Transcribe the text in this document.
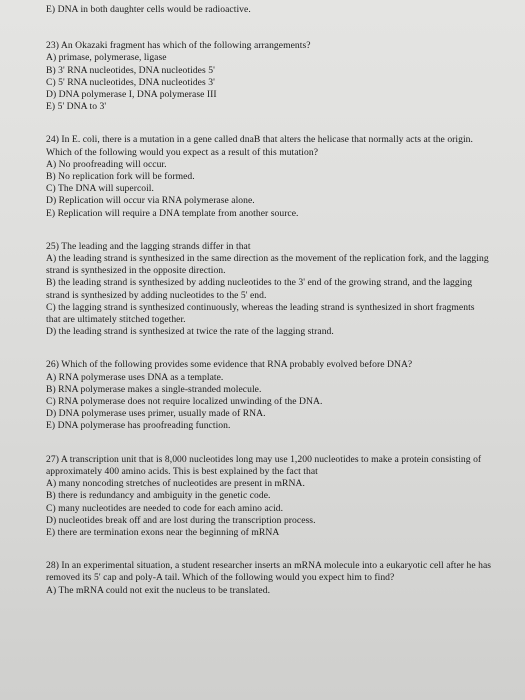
E) DNA in both daughter cells would be radioactive.

23) An Okazaki fragment has which of the following arrangements?

A) primase, polymerase, ligase
B) 3' RNA nucleotides, DNA nucleotides 5'
C) 5' RNA nucleotides, DNA nucleotides 3'
D) DNA polymerase I, DNA polymerase III
E) 5' DNA to 3'

24) In E. coli, there is a mutation in a gene called dnaB that alters the helicase that normally acts at the origin. Which of the following would you expect as a result of this mutation?

A) No proofreading will occur.
B) No replication fork will be formed.
C) The DNA will supercoil.
D) Replication will occur via RNA polymerase alone.
E) Replication will require a DNA template from another source.

25) The leading and the lagging strands differ in that

A) the leading strand is synthesized in the same direction as the movement of the replication fork, and the lagging strand is synthesized in the opposite direction.
B) the leading strand is synthesized by adding nucleotides to the 3' end of the growing strand, and the lagging strand is synthesized by adding nucleotides to the 5' end.
C) the lagging strand is synthesized continuously, whereas the leading strand is synthesized in short fragments that are ultimately stitched together.
D) the leading strand is synthesized at twice the rate of the lagging strand.

26) Which of the following provides some evidence that RNA probably evolved before DNA?

A) RNA polymerase uses DNA as a template.
B) RNA polymerase makes a single-stranded molecule.
C) RNA polymerase does not require localized unwinding of the DNA.
D) DNA polymerase uses primer, usually made of RNA.
E) DNA polymerase has proofreading function.

27) A transcription unit that is 8,000 nucleotides long may use 1,200 nucleotides to make a protein consisting of approximately 400 amino acids. This is best explained by the fact that

A) many noncoding stretches of nucleotides are present in mRNA.
B) there is redundancy and ambiguity in the genetic code.
C) many nucleotides are needed to code for each amino acid.
D) nucleotides break off and are lost during the transcription process.
E) there are termination exons near the beginning of mRNA

28) In an experimental situation, a student researcher inserts an mRNA molecule into a eukaryotic cell after he has removed its 5' cap and poly-A tail. Which of the following would you expect him to find?

A) The mRNA could not exit the nucleus to be translated.
